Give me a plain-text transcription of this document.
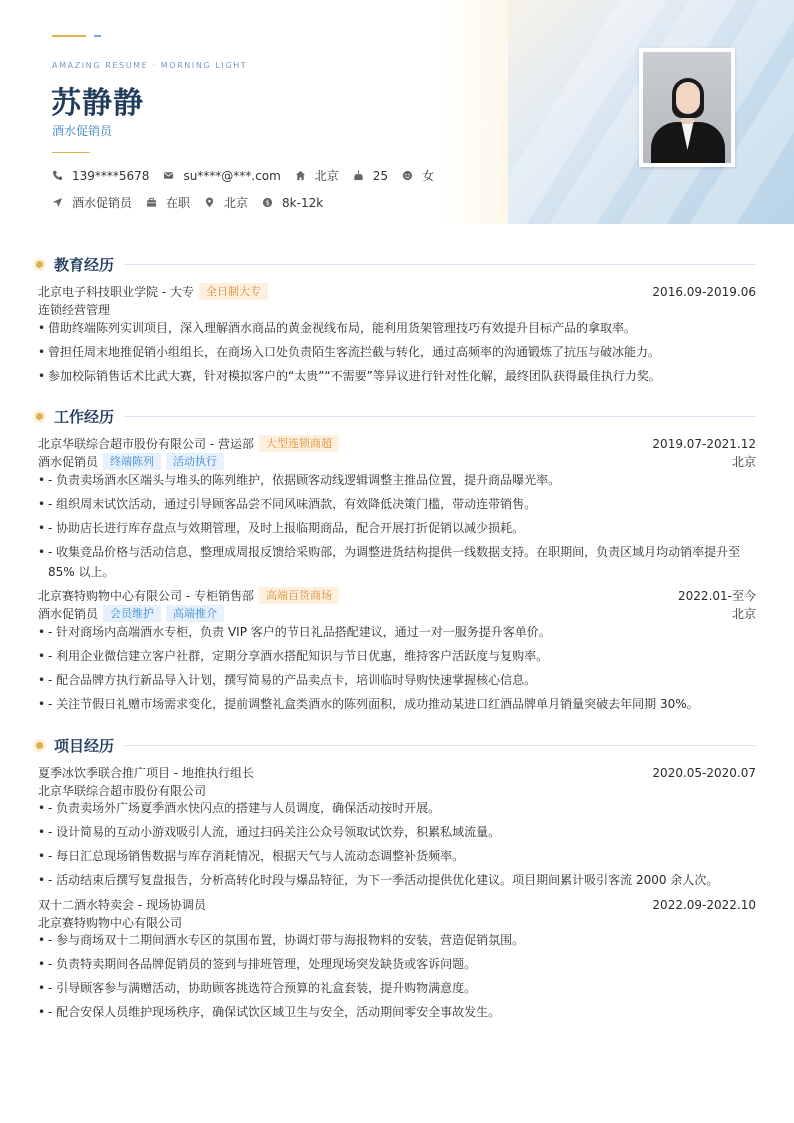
AMAZING RESUME · MORNING LIGHT
苏静静
酒水促销员
139****5678	su****@***.com	北京	25	女
酒水促销员	在职	北京 $ 8k-12k
教育经历
北京电子科技职业学院 - 大专	全日制大专	2016.09-2019.06
连锁经营管理
• 借助终端陈列实训项目，深入理解酒水商品的黄金视线布局，能利用货架管理技巧有效提升目标产品的拿取率。
• 曾担任周末地推促销小组组长，在商场入口处负责陌生客流拦截与转化，通过高频率的沟通锻炼了抗压与破冰能力。
• 参加校际销售话术比武大赛，针对模拟客户的“太贵”“不需要”等异议进行针对性化解，最终团队获得最佳执行力奖。
工作经历
北京华联综合超市股份有限公司 - 营运部	大型连锁商超	2019.07-2021.12
酒水促销员	终端陈列	活动执行	北京
• - 负责卖场酒水区端头与堆头的陈列维护，依据顾客动线逻辑调整主推品位置，提升商品曝光率。
• - 组织周末试饮活动，通过引导顾客品尝不同风味酒款，有效降低决策门槛，带动连带销售。
• - 协助店长进行库存盘点与效期管理，及时上报临期商品，配合开展打折促销以减少损耗。
• - 收集竞品价格与活动信息，整理成周报反馈给采购部，为调整进货结构提供一线数据支持。在职期间，负责区域月均动销率提升至 85% 以上。
北京赛特购物中心有限公司 - 专柜销售部	高端百货商场	2022.01-至今
酒水促销员	会员维护	高端推介	北京
• - 针对商场内高端酒水专柜，负责 VIP 客户的节日礼品搭配建议，通过一对一服务提升客单价。
• - 利用企业微信建立客户社群，定期分享酒水搭配知识与节日优惠，维持客户活跃度与复购率。
• - 配合品牌方执行新品导入计划，撰写简易的产品卖点卡，培训临时导购快速掌握核心信息。
• - 关注节假日礼赠市场需求变化，提前调整礼盒类酒水的陈列面积，成功推动某进口红酒品牌单月销量突破去年同期 30%。
项目经历
夏季冰饮季联合推广项目 - 地推执行组长	2020.05-2020.07
北京华联综合超市股份有限公司
• - 负责卖场外广场夏季酒水快闪点的搭建与人员调度，确保活动按时开展。
• - 设计简易的互动小游戏吸引人流，通过扫码关注公众号领取试饮券，积累私域流量。
• - 每日汇总现场销售数据与库存消耗情况，根据天气与人流动态调整补货频率。
• - 活动结束后撰写复盘报告，分析高转化时段与爆品特征，为下一季活动提供优化建议。项目期间累计吸引客流 2000 余人次。
双十二酒水特卖会 - 现场协调员	2022.09-2022.10
北京赛特购物中心有限公司
• - 参与商场双十二期间酒水专区的氛围布置，协调灯带与海报物料的安装，营造促销氛围。
• - 负责特卖期间各品牌促销员的签到与排班管理，处理现场突发缺货或客诉问题。
• - 引导顾客参与满赠活动，协助顾客挑选符合预算的礼盒套装，提升购物满意度。
• - 配合安保人员维护现场秩序，确保试饮区域卫生与安全，活动期间零安全事故发生。
